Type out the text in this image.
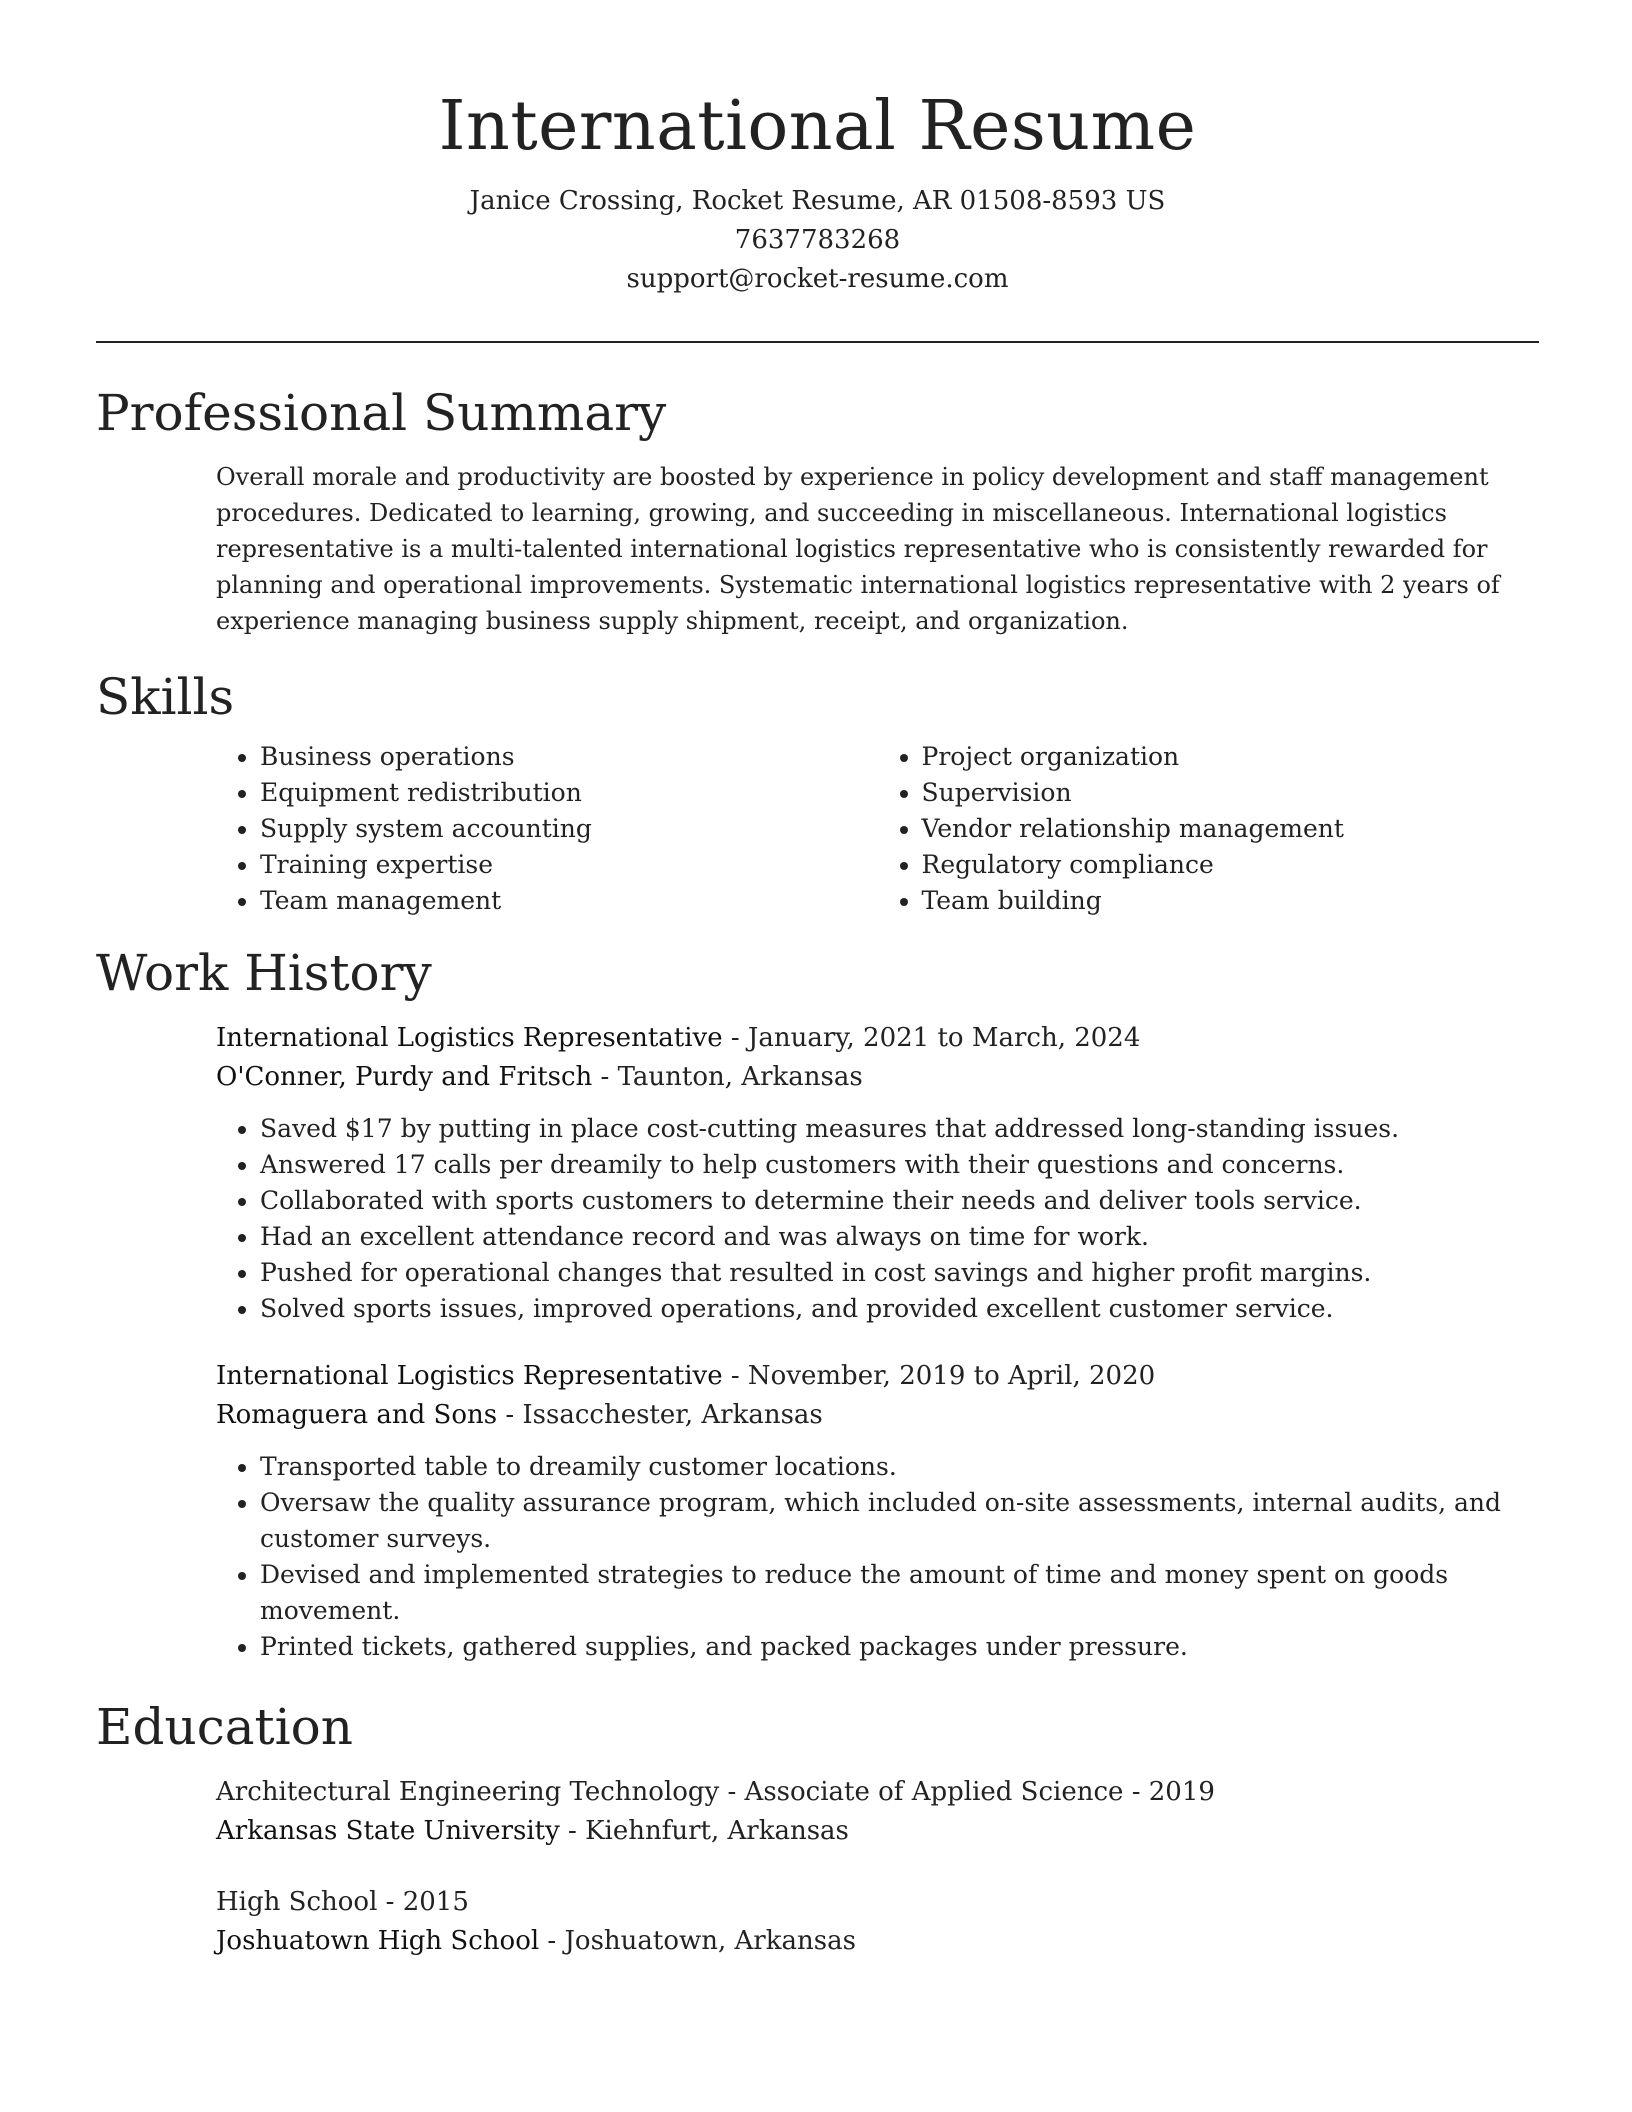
International Resume

Janice Crossing, Rocket Resume, AR 01508-8593 US

7637783268

support@rocket-resume.com

Professional Summary

Overall morale and productivity are boosted by experience in policy development and staff management procedures. Dedicated to learning, growing, and succeeding in miscellaneous. International logistics representative is a multi-talented international logistics representative who is consistently rewarded for planning and operational improvements. Systematic international logistics representative with 2 years of experience managing business supply shipment, receipt, and organization.

Skills
• Business operations
• Equipment redistribution
• Supply system accounting
• Training expertise
• Team management
• Project organization
• Supervision
• Vendor relationship management
• Regulatory compliance
• Team building
Work History

International Logistics Representative - January, 2021 to March, 2024

O'Conner, Purdy and Fritsch - Taunton, Arkansas

• Saved $17 by putting in place cost-cutting measures that addressed long-standing issues.
• Answered 17 calls per dreamily to help customers with their questions and concerns.
• Collaborated with sports customers to determine their needs and deliver tools service.
• Had an excellent attendance record and was always on time for work.
• Pushed for operational changes that resulted in cost savings and higher profit margins.
• Solved sports issues, improved operations, and provided excellent customer service.

International Logistics Representative - November, 2019 to April, 2020

Romaguera and Sons - Issacchester, Arkansas

• Transported table to dreamily customer locations.
• Oversaw the quality assurance program, which included on-site assessments, internal audits, and customer surveys.
• Devised and implemented strategies to reduce the amount of time and money spent on goods movement.
• Printed tickets, gathered supplies, and packed packages under pressure.
Education

Architectural Engineering Technology - Associate of Applied Science - 2019

Arkansas State University - Kiehnfurt, Arkansas

High School - 2015

Joshuatown High School - Joshuatown, Arkansas
